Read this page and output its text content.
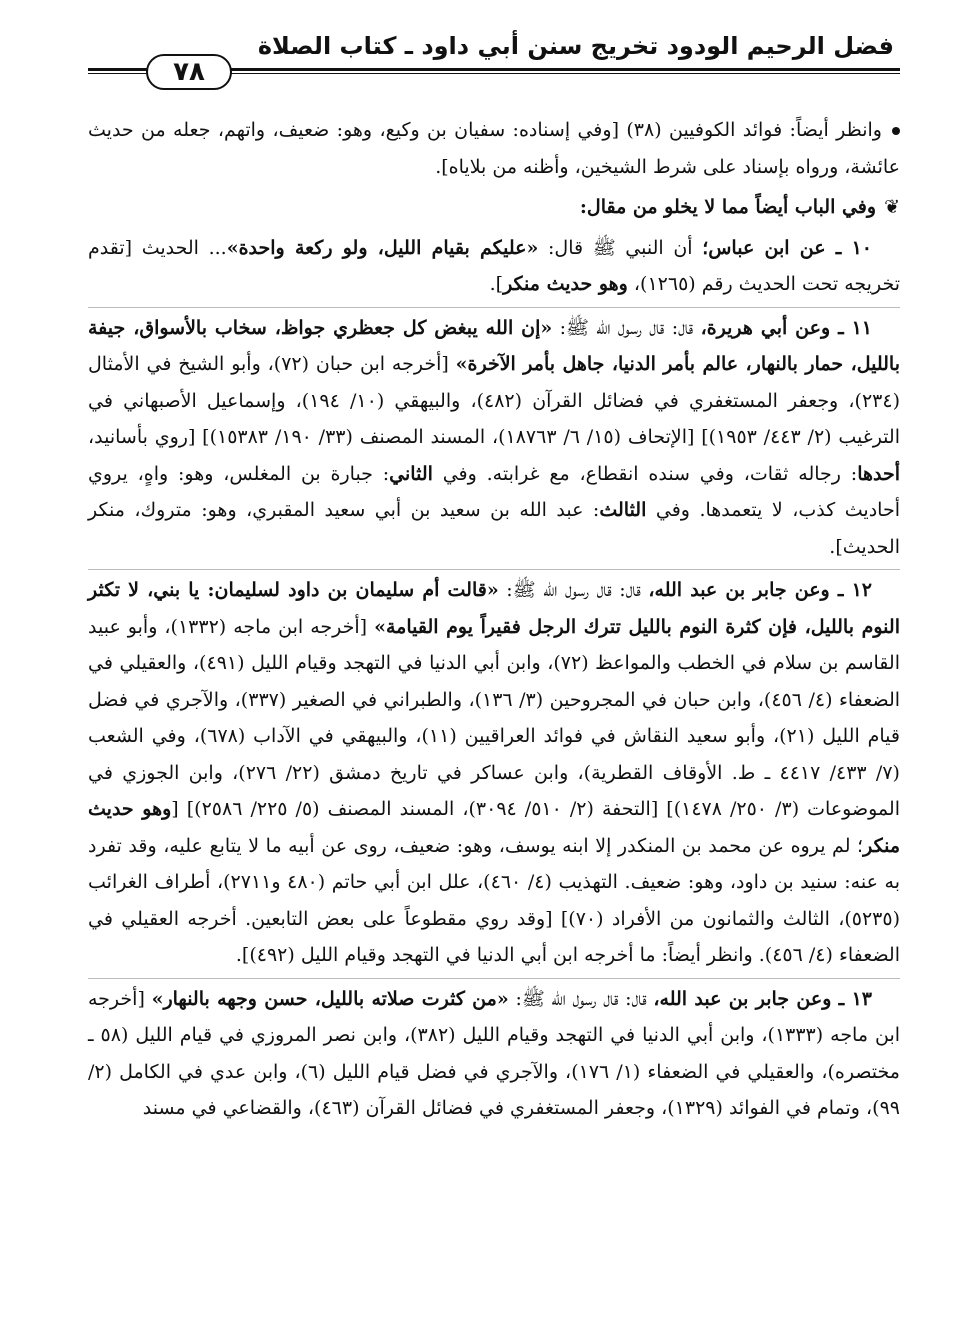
فضل الرحيم الودود تخريج سنن أبي داود ـ كتاب الصلاة
٧٨

وانظر أيضاً: فوائد الكوفيين (٣٨) [وفي إسناده: سفيان بن وكيع، وهو: ضعيف، واتهم، جعله من حديث عائشة، ورواه بإسناد على شرط الشيخين، وأظنه من بلاياه].

❦وفي الباب أيضاً مما لا يخلو من مقال:

١٠ ـ عن ابن عباس؛ أن النبي ﷺ قال: «عليكم بقيام الليل، ولو ركعة واحدة»... الحديث [تقدم تخريجه تحت الحديث رقم (١٢٦٥)، وهو حديث منكر].

١١ ـ وعن أبي هريرة، قال: قال رسول الله ﷺ: «إن الله يبغض كل جعظري جواظ، سخاب بالأسواق، جيفة بالليل، حمار بالنهار، عالم بأمر الدنيا، جاهل بأمر الآخرة» [أخرجه ابن حبان (٧٢)، وأبو الشيخ في الأمثال (٢٣٤)، وجعفر المستغفري في فضائل القرآن (٤٨٢)، والبيهقي (١٠/ ١٩٤)، وإسماعيل الأصبهاني في الترغيب (٢/ ٤٤٣/ ١٩٥٣)] [الإتحاف (١٥/ ٦/ ١٨٧٦٣)، المسند المصنف (٣٣/ ١٩٠/ ١٥٣٨٣)] [روي بأسانيد، أحدها: رجاله ثقات، وفي سنده انقطاع، مع غرابته. وفي الثاني: جبارة بن المغلس، وهو: واهٍ، يروي أحاديث كذب، لا يتعمدها. وفي الثالث: عبد الله بن سعيد بن أبي سعيد المقبري، وهو: متروك، منكر الحديث].

١٢ ـ وعن جابر بن عبد الله، قال: قال رسول الله ﷺ: «قالت أم سليمان بن داود لسليمان: يا بني، لا تكثر النوم بالليل، فإن كثرة النوم بالليل تترك الرجل فقيراً يوم القيامة» [أخرجه ابن ماجه (١٣٣٢)، وأبو عبيد القاسم بن سلام في الخطب والمواعظ (٧٢)، وابن أبي الدنيا في التهجد وقيام الليل (٤٩١)، والعقيلي في الضعفاء (٤/ ٤٥٦)، وابن حبان في المجروحين (٣/ ١٣٦)، والطبراني في الصغير (٣٣٧)، والآجري في فضل قيام الليل (٢١)، وأبو سعيد النقاش في فوائد العراقيين (١١)، والبيهقي في الآداب (٦٧٨)، وفي الشعب (٧/ ٤٣٣/ ٤٤١٧ ـ ط. الأوقاف القطرية)، وابن عساكر في تاريخ دمشق (٢٢/ ٢٧٦)، وابن الجوزي في الموضوعات (٣/ ٢٥٠/ ١٤٧٨)] [التحفة (٢/ ٥١٠/ ٣٠٩٤)، المسند المصنف (٥/ ٢٢٥/ ٢٥٨٦)] [وهو حديث منكر؛ لم يروه عن محمد بن المنكدر إلا ابنه يوسف، وهو: ضعيف، روى عن أبيه ما لا يتابع عليه، وقد تفرد به عنه: سنيد بن داود، وهو: ضعيف. التهذيب (٤/ ٤٦٠)، علل ابن أبي حاتم (٤٨٠ و٢٧١١)، أطراف الغرائب (٥٢٣٥)، الثالث والثمانون من الأفراد (٧٠)] [وقد روي مقطوعاً على بعض التابعين. أخرجه العقيلي في الضعفاء (٤/ ٤٥٦). وانظر أيضاً: ما أخرجه ابن أبي الدنيا في التهجد وقيام الليل (٤٩٢)].

١٣ ـ وعن جابر بن عبد الله، قال: قال رسول الله ﷺ: «من كثرت صلاته بالليل، حسن وجهه بالنهار» [أخرجه ابن ماجه (١٣٣٣)، وابن أبي الدنيا في التهجد وقيام الليل (٣٨٢)، وابن نصر المروزي في قيام الليل (٥٨ ـ مختصره)، والعقيلي في الضعفاء (١/ ١٧٦)، والآجري في فضل قيام الليل (٦)، وابن عدي في الكامل (٢/ ٩٩)، وتمام في الفوائد (١٣٢٩)، وجعفر المستغفري في فضائل القرآن (٤٦٣)، والقضاعي في مسند
